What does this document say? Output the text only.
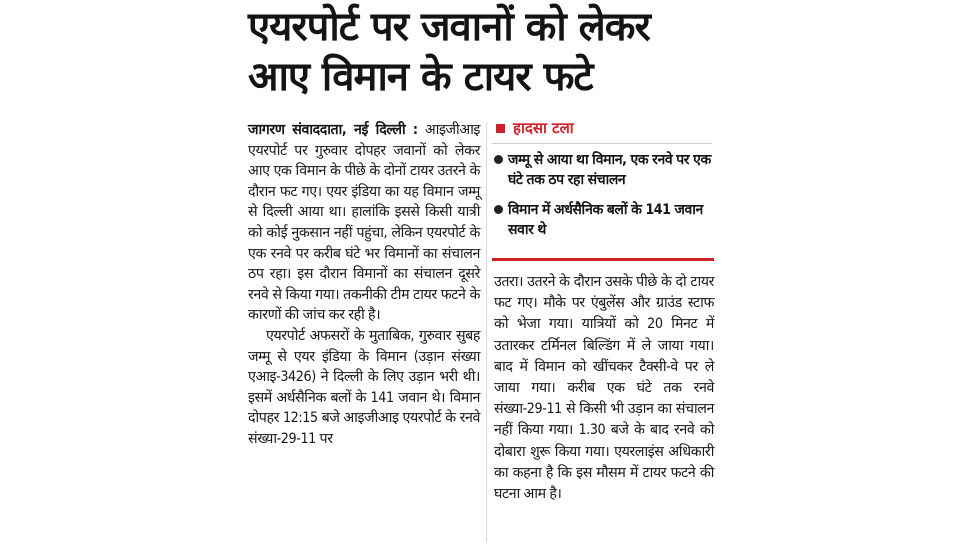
एयरपोर्ट पर जवानों को लेकर आए विमान के टायर फटे

जागरण संवाददाता, नई दिल्ली : आइजीआइ एयरपोर्ट पर गुरुवार दोपहर जवानों को लेकर आए एक विमान के पीछे के दोनों टायर उतरने के दौरान फट गए। एयर इंडिया का यह विमान जम्मू से दिल्ली आया था। हालांकि इससे किसी यात्री को कोई नुकसान नहीं पहुंचा, लेकिन एयरपोर्ट के एक रनवे पर करीब घंटे भर विमानों का संचालन ठप रहा। इस दौरान विमानों का संचालन दूसरे रनवे से किया गया। तकनीकी टीम टायर फटने के कारणों की जांच कर रही है।

एयरपोर्ट अफसरों के मुताबिक, गुरुवार सुबह जम्मू से एयर इंडिया के विमान (उड़ान संख्या एआइ-3426) ने दिल्ली के लिए उड़ान भरी थी। इसमें अर्धसैनिक बलों के 141 जवान थे। विमान दोपहर 12:15 बजे आइजीआइ एयरपोर्ट के रनवे संख्या-29-11 पर

हादसा टला
जम्मू से आया था विमान, एक रनवे पर एक घंटे तक ठप रहा संचालन
विमान में अर्धसैनिक बलों के 141 जवान सवार थे

उतरा। उतरने के दौरान उसके पीछे के दो टायर फट गए। मौके पर एंबुलेंस और ग्राउंड स्टाफ को भेजा गया। यात्रियों को 20 मिनट में उतारकर टर्मिनल बिल्डिंग में ले जाया गया। बाद में विमान को खींचकर टैक्सी-वे पर ले जाया गया। करीब एक घंटे तक रनवे संख्या-29-11 से किसी भी उड़ान का संचालन नहीं किया गया। 1.30 बजे के बाद रनवे को दोबारा शुरू किया गया। एयरलाइंस अधिकारी का कहना है कि इस मौसम में टायर फटने की घटना आम है।
